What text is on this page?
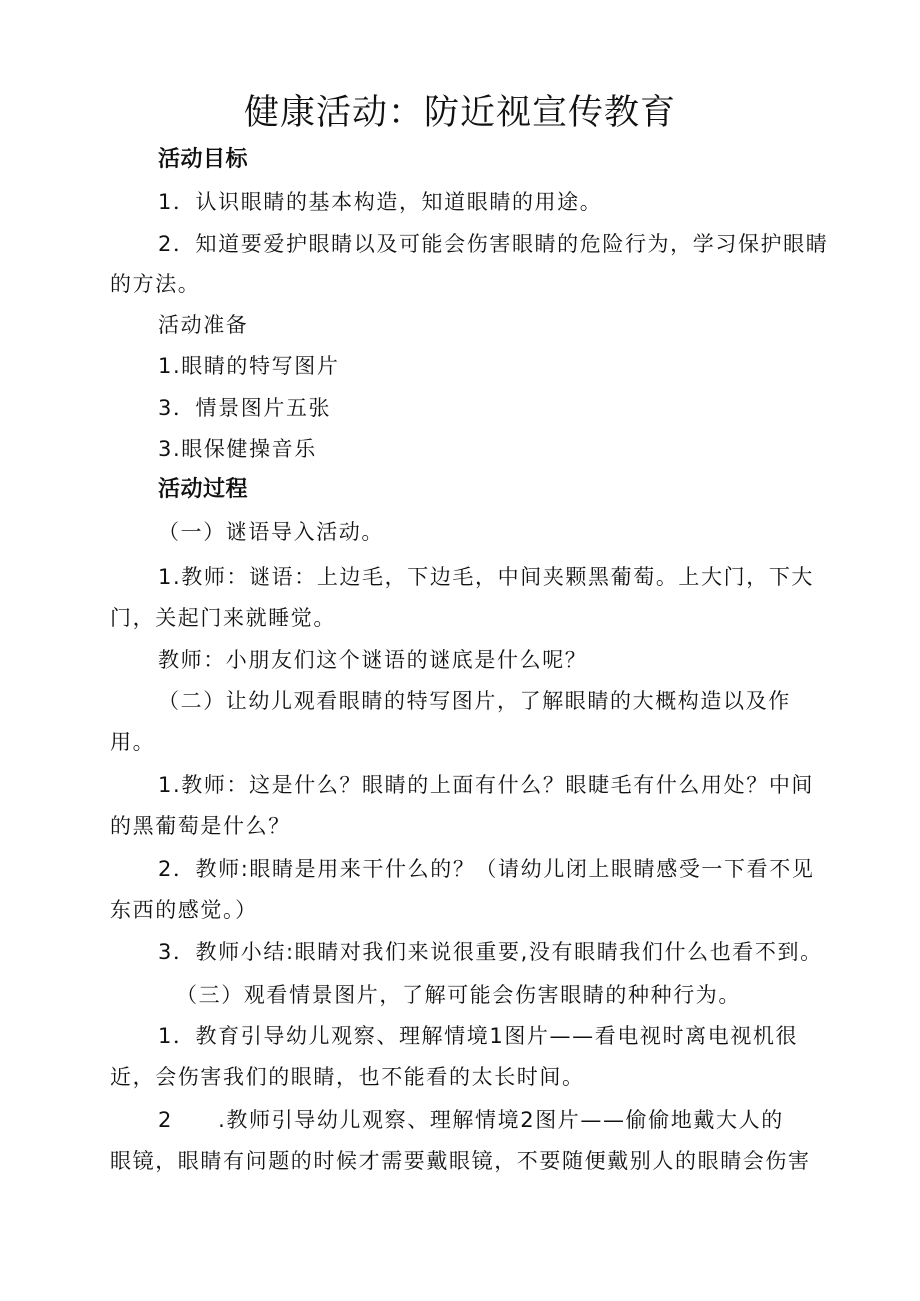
健康活动：防近视宣传教育

活动目标

1．认识眼睛的基本构造，知道眼睛的用途。

2．知道要爱护眼睛以及可能会伤害眼睛的危险行为，学习保护眼睛

的方法。

活动准备

1.眼睛的特写图片

3．情景图片五张

3.眼保健操音乐

活动过程

（一）谜语导入活动。

1.教师：谜语：上边毛，下边毛，中间夹颗黑葡萄。上大门，下大

门，关起门来就睡觉。

教师：小朋友们这个谜语的谜底是什么呢？

（二）让幼儿观看眼睛的特写图片，了解眼睛的大概构造以及作

用。

1.教师：这是什么？眼睛的上面有什么？眼睫毛有什么用处？中间

的黑葡萄是什么？

2．教师:眼睛是用来干什么的？（请幼儿闭上眼睛感受一下看不见

东西的感觉。）

3．教师小结:眼睛对我们来说很重要,没有眼睛我们什么也看不到。

（三）观看情景图片，了解可能会伤害眼睛的种种行为。

1．教育引导幼儿观察、理解情境1图片——看电视时离电视机很

近，会伤害我们的眼睛，也不能看的太长时间。

2　　.教师引导幼儿观察、理解情境2图片——偷偷地戴大人的

眼镜，眼睛有问题的时候才需要戴眼镜，不要随便戴别人的眼睛会伤害
